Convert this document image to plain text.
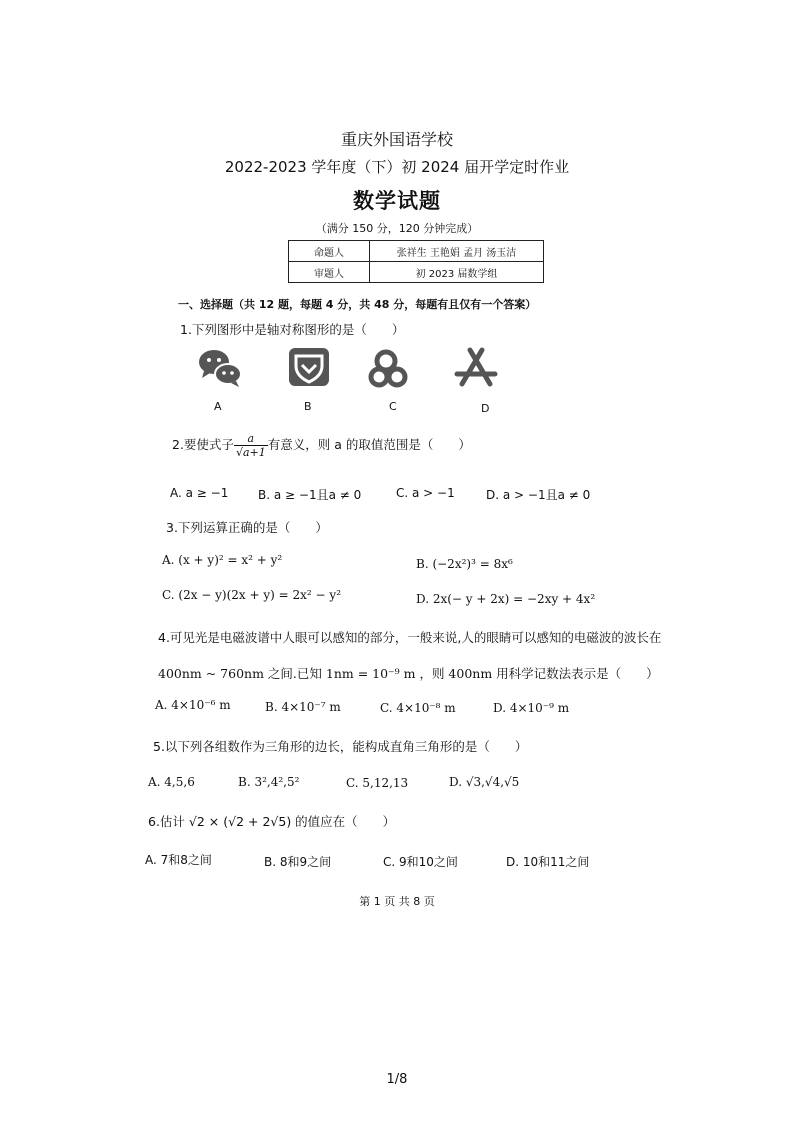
重庆外国语学校
2022-2023 学年度（下）初 2024 届开学定时作业
数学试题
（满分 150 分，120 分钟完成）
命题人	张祥生 王艳娟 孟月 汤玉洁
审题人	初 2023 届数学组
一、选择题（共 12 题，每题 4 分，共 48 分，每题有且仅有一个答案）
1.下列图形中是轴对称图形的是（　　）
A	B	C	D
2.要使式子 $\frac{a}{√a+1}$ 有意义，则 a 的取值范围是（　　）
A. a ≥ −1 B. a ≥ −1且a ≠ 0	C. a > −1	D. a > −1且a ≠ 0
3.下列运算正确的是（　　）
A. (x + y)² = x² + y²	B. (−2x²)³ = 8x⁶
C. (2x − y)(2x + y) = 2x² − y²	D. 2x(− y + 2x) = −2xy + 4x²
4.可见光是电磁波谱中人眼可以感知的部分，一般来说,人的眼睛可以感知的电磁波的波长在
400nm ~ 760nm 之间.已知 1nm = 10⁻⁹ m ，则 400nm 用科学记数法表示是（　　）
A. 4×10⁻⁶ m	B. 4×10⁻⁷ m	C. 4×10⁻⁸ m	D. 4×10⁻⁹ m
5.以下列各组数作为三角形的边长，能构成直角三角形的是（　　）
A. 4,5,6	B. 3²,4²,5²	C. 5,12,13	D. √3,√4,√5
6.估计 √2 × (√2 + 2√5) 的值应在（　　）
A. 7和8之间	B. 8和9之间	C. 9和10之间	D. 10和11之间
第 1 页 共 8 页
1/8
